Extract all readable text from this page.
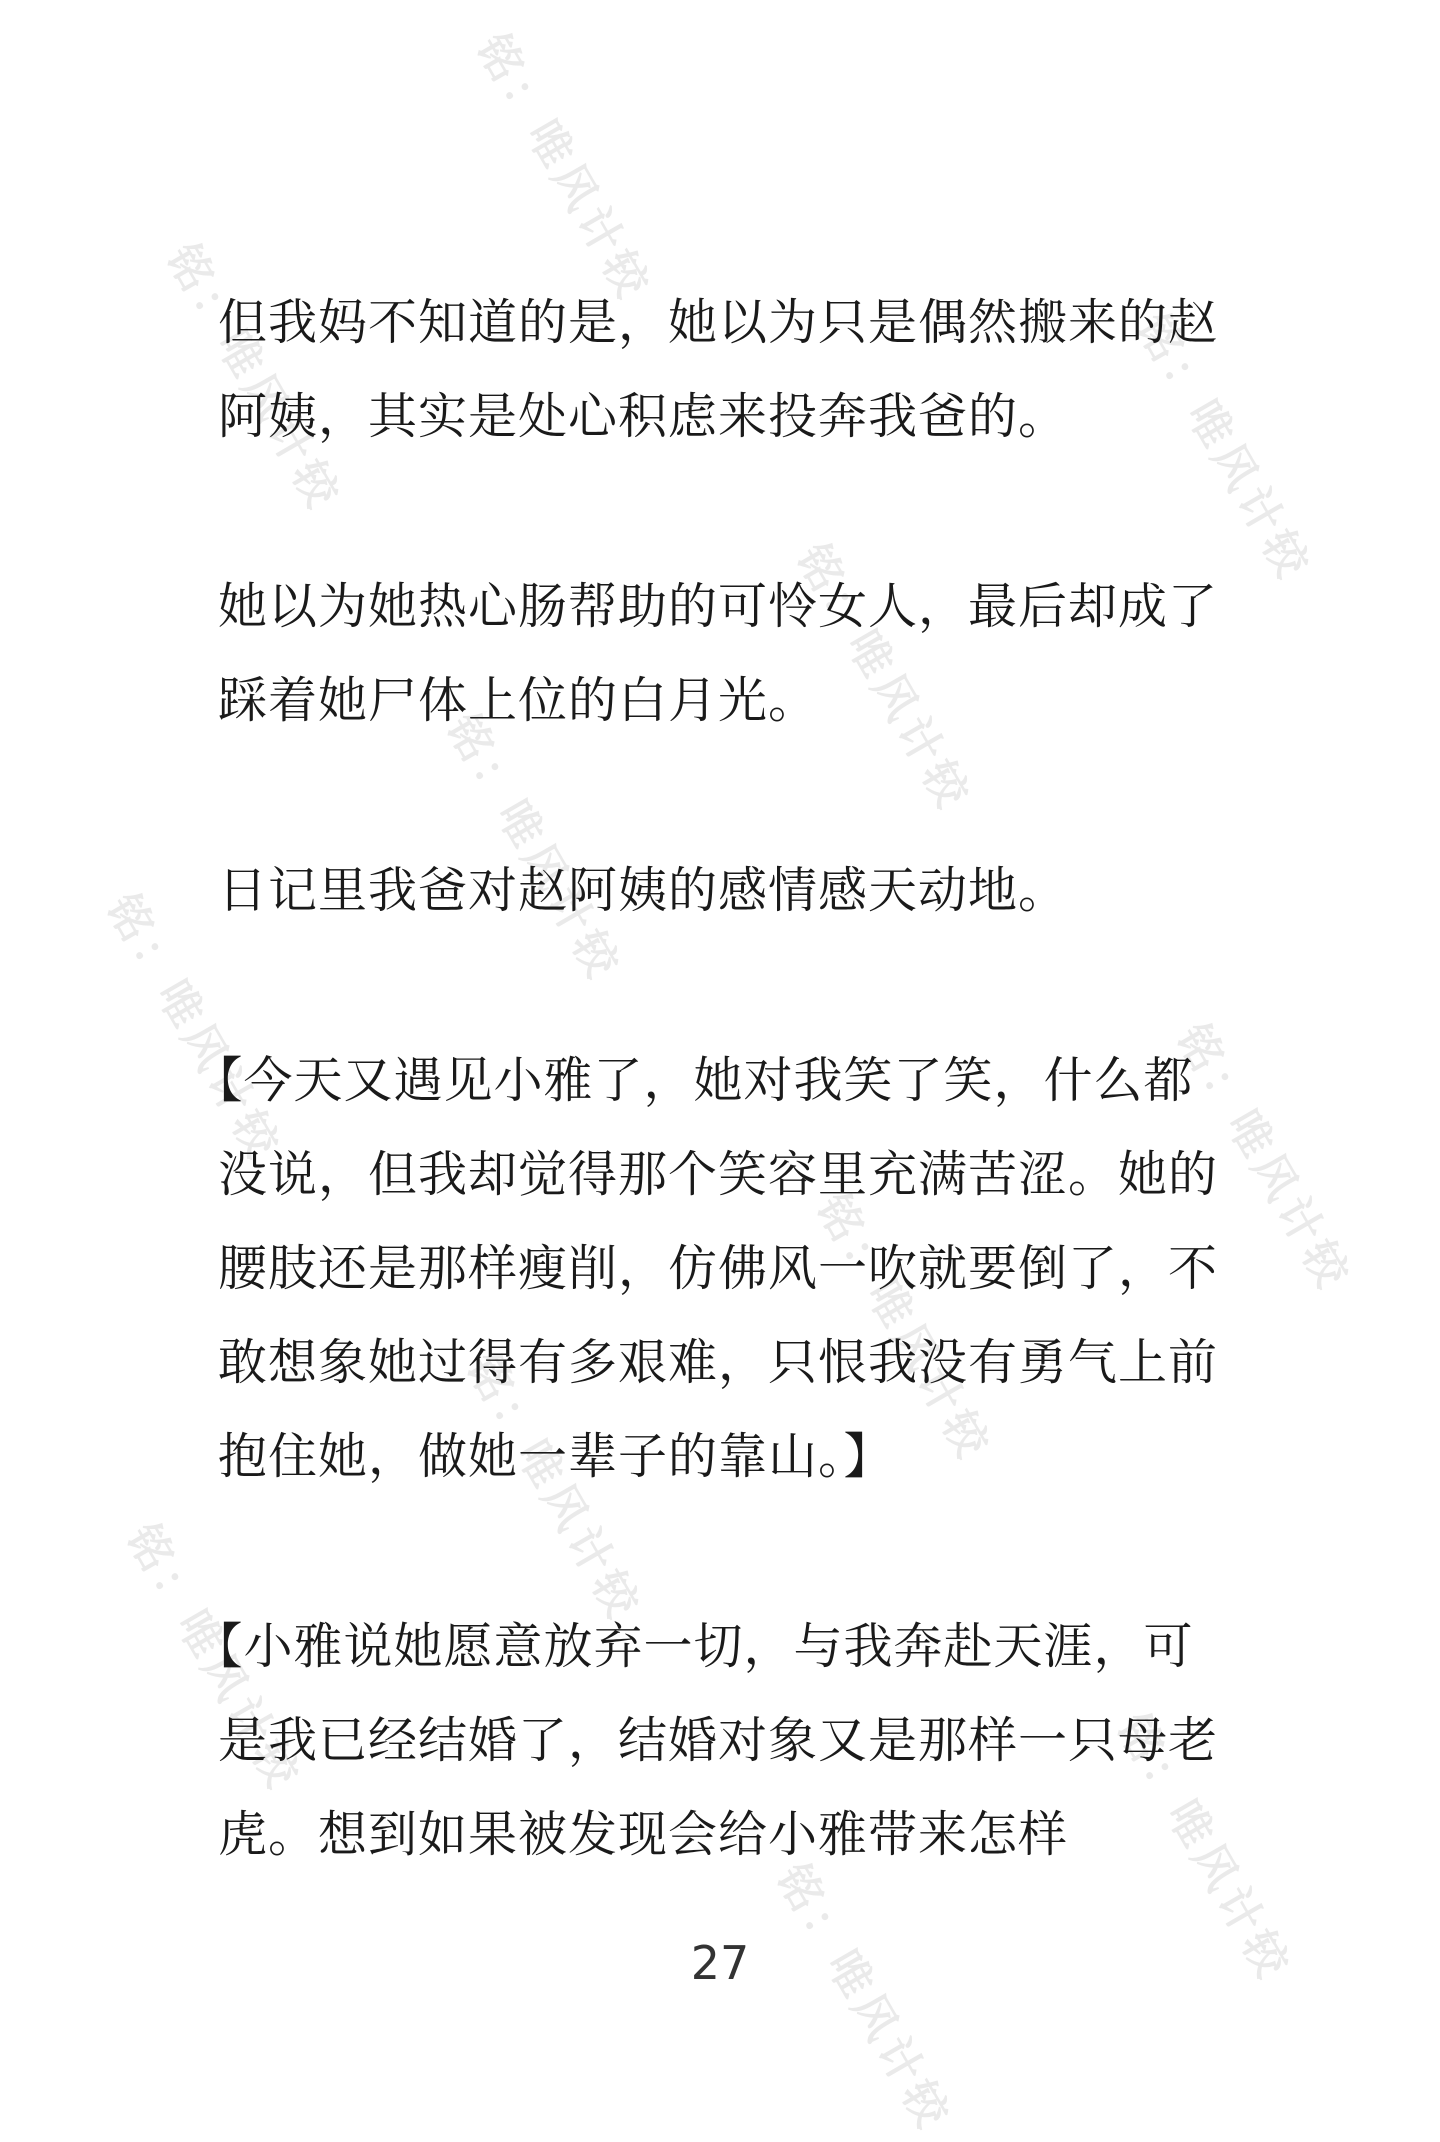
铭：唯风计较
铭：唯风计较	铭：唯风计较
铭：唯风计较
铭：唯风计较
铭：唯风计较	铭：唯风计较
铭：唯风计较
铭：唯风计较
铭：唯风计较
铭：唯风计较
铭：唯风计较

但我妈不知道的是，她以为只是偶然搬来的赵阿姨，其实是处心积虑来投奔我爸的。

她以为她热心肠帮助的可怜女人，最后却成了踩着她尸体上位的白月光。

日记里我爸对赵阿姨的感情感天动地。

【今天又遇见小雅了，她对我笑了笑，什么都没说，但我却觉得那个笑容里充满苦涩。她的腰肢还是那样瘦削，仿佛风一吹就要倒了，不敢想象她过得有多艰难，只恨我没有勇气上前抱住她，做她一辈子的靠山。】

【小雅说她愿意放弃一切，与我奔赴天涯，可是我已经结婚了，结婚对象又是那样一只母老虎。想到如果被发现会给小雅带来怎样

27
